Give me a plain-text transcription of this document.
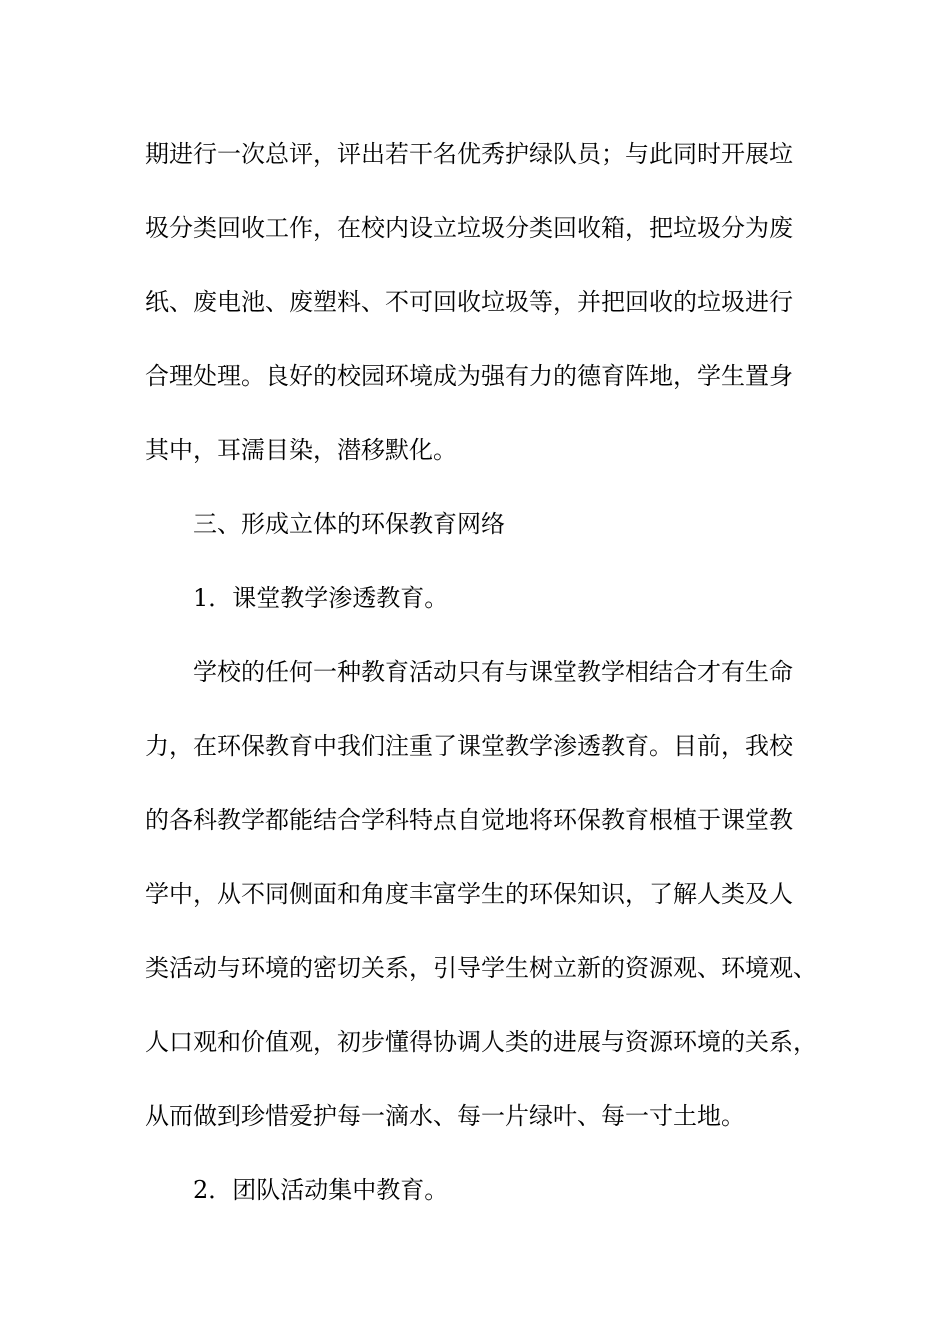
期进行一次总评，评出若干名优秀护绿队员；与此同时开展垃
圾分类回收工作，在校内设立垃圾分类回收箱，把垃圾分为废
纸、废电池、废塑料、不可回收垃圾等，并把回收的垃圾进行
合理处理。良好的校园环境成为强有力的德育阵地，学生置身
其中，耳濡目染，潜移默化。
三、形成立体的环保教育网络
1．课堂教学渗透教育。
学校的任何一种教育活动只有与课堂教学相结合才有生命
力，在环保教育中我们注重了课堂教学渗透教育。目前，我校
的各科教学都能结合学科特点自觉地将环保教育根植于课堂教
学中，从不同侧面和角度丰富学生的环保知识，了解人类及人
类活动与环境的密切关系，引导学生树立新的资源观、环境观、
人口观和价值观，初步懂得协调人类的进展与资源环境的关系，
从而做到珍惜爱护每一滴水、每一片绿叶、每一寸土地。
2．团队活动集中教育。
